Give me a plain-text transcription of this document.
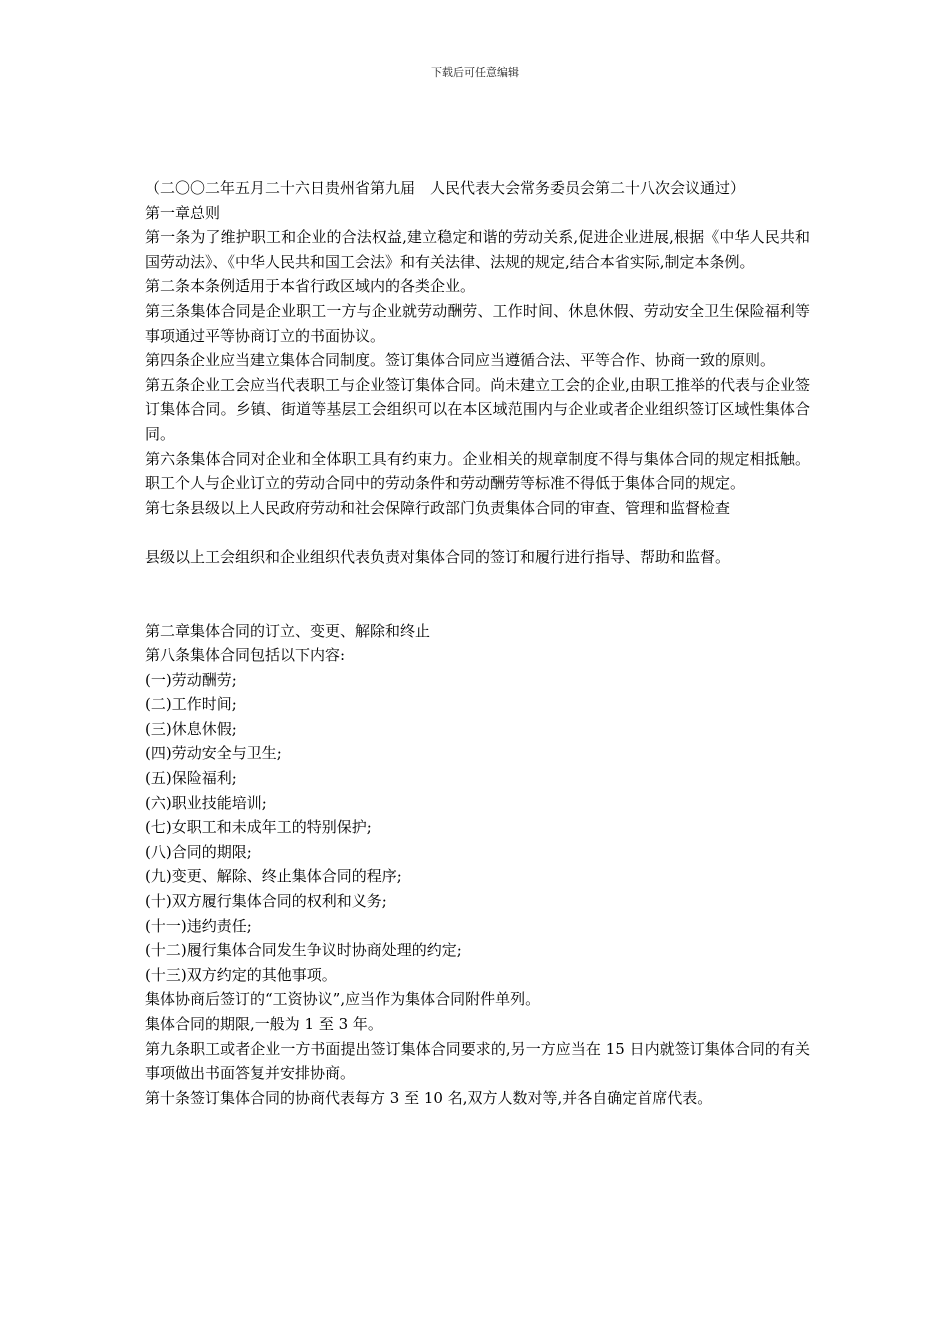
下载后可任意编辑

（二〇〇二年五月二十六日贵州省第九届　人民代表大会常务委员会第二十八次会议通过）

第一章总则

第一条为了维护职工和企业的合法权益,建立稳定和谐的劳动关系,促进企业进展,根据《中华人民共和国劳动法》、《中华人民共和国工会法》和有关法律、法规的规定,结合本省实际,制定本条例。

第二条本条例适用于本省行政区域内的各类企业。

第三条集体合同是企业职工一方与企业就劳动酬劳、工作时间、休息休假、劳动安全卫生保险福利等事项通过平等协商订立的书面协议。

第四条企业应当建立集体合同制度。签订集体合同应当遵循合法、平等合作、协商一致的原则。

第五条企业工会应当代表职工与企业签订集体合同。尚未建立工会的企业,由职工推举的代表与企业签订集体合同。乡镇、街道等基层工会组织可以在本区域范围内与企业或者企业组织签订区域性集体合同。

第六条集体合同对企业和全体职工具有约束力。企业相关的规章制度不得与集体合同的规定相抵触。职工个人与企业订立的劳动合同中的劳动条件和劳动酬劳等标准不得低于集体合同的规定。

第七条县级以上人民政府劳动和社会保障行政部门负责集体合同的审查、管理和监督检查

县级以上工会组织和企业组织代表负责对集体合同的签订和履行进行指导、帮助和监督。

第二章集体合同的订立、变更、解除和终止

第八条集体合同包括以下内容:

(一)劳动酬劳;

(二)工作时间;

(三)休息休假;

(四)劳动安全与卫生;

(五)保险福利;

(六)职业技能培训;

(七)女职工和未成年工的特别保护;

(八)合同的期限;

(九)变更、解除、终止集体合同的程序;

(十)双方履行集体合同的权利和义务;

(十一)违约责任;

(十二)履行集体合同发生争议时协商处理的约定;

(十三)双方约定的其他事项。

集体协商后签订的“工资协议”,应当作为集体合同附件单列。

集体合同的期限,一般为 1 至 3 年。

第九条职工或者企业一方书面提出签订集体合同要求的,另一方应当在 15 日内就签订集体合同的有关事项做出书面答复并安排协商。

第十条签订集体合同的协商代表每方 3 至 10 名,双方人数对等,并各自确定首席代表。
